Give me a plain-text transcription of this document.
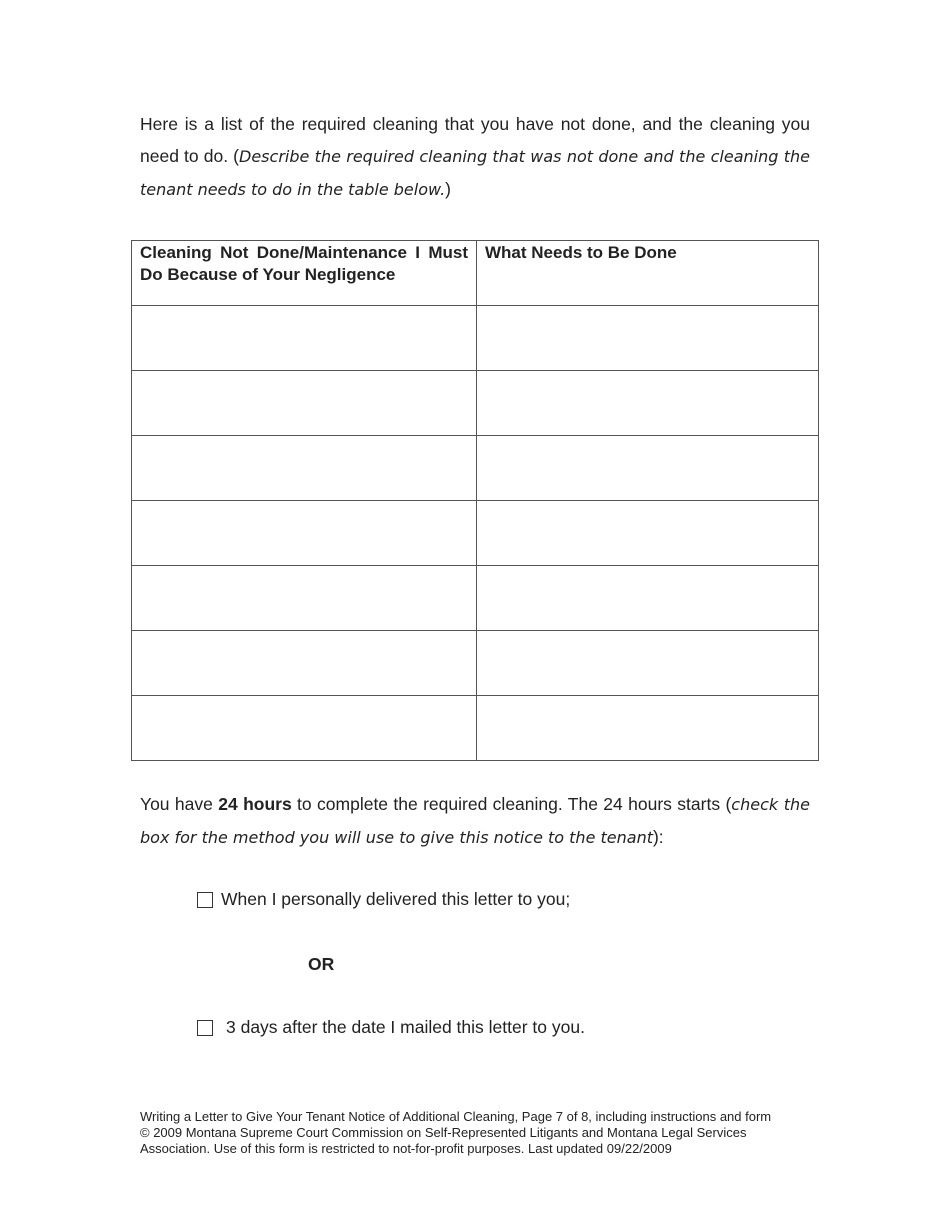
Here is a list of the required cleaning that you have not done, and the cleaning you need to do. (Describe the required cleaning that was not done and the cleaning the tenant needs to do in the table below.)
Cleaning Not Done/Maintenance I Must Do Because of Your Negligence	What Needs to Be Done

You have 24 hours to complete the required cleaning. The 24 hours starts (check the box for the method you will use to give this notice to the tenant):
When I personally delivered this letter to you;
OR
3 days after the date I mailed this letter to you.
Writing a Letter to Give Your Tenant Notice of Additional Cleaning, Page 7 of 8, including instructions and form
© 2009 Montana Supreme Court Commission on Self-Represented Litigants and Montana Legal Services Association. Use of this form is restricted to not-for-profit purposes. Last updated 09/22/2009
